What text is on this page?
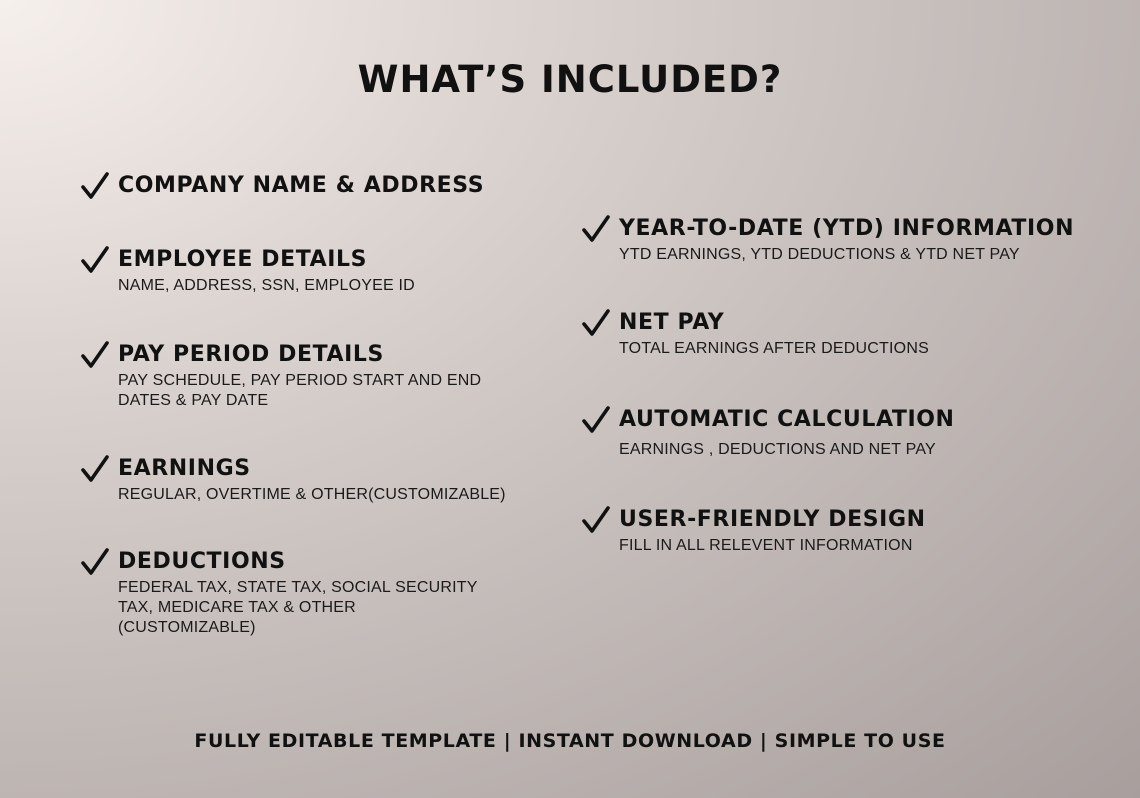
WHAT’S INCLUDED?
COMPANY NAME & ADDRESS
EMPLOYEE DETAILS
NAME, ADDRESS, SSN, EMPLOYEE ID
PAY PERIOD DETAILS
PAY SCHEDULE, PAY PERIOD START AND END
DATES & PAY DATE
EARNINGS
REGULAR, OVERTIME & OTHER(CUSTOMIZABLE)
DEDUCTIONS
FEDERAL TAX, STATE TAX, SOCIAL SECURITY
TAX, MEDICARE TAX & OTHER
(CUSTOMIZABLE)
YEAR-TO-DATE (YTD) INFORMATION
YTD EARNINGS, YTD DEDUCTIONS & YTD NET PAY
NET PAY
TOTAL EARNINGS AFTER DEDUCTIONS
AUTOMATIC CALCULATION
EARNINGS , DEDUCTIONS AND NET PAY
USER-FRIENDLY DESIGN
FILL IN ALL RELEVENT INFORMATION
FULLY EDITABLE TEMPLATE | INSTANT DOWNLOAD | SIMPLE TO USE
